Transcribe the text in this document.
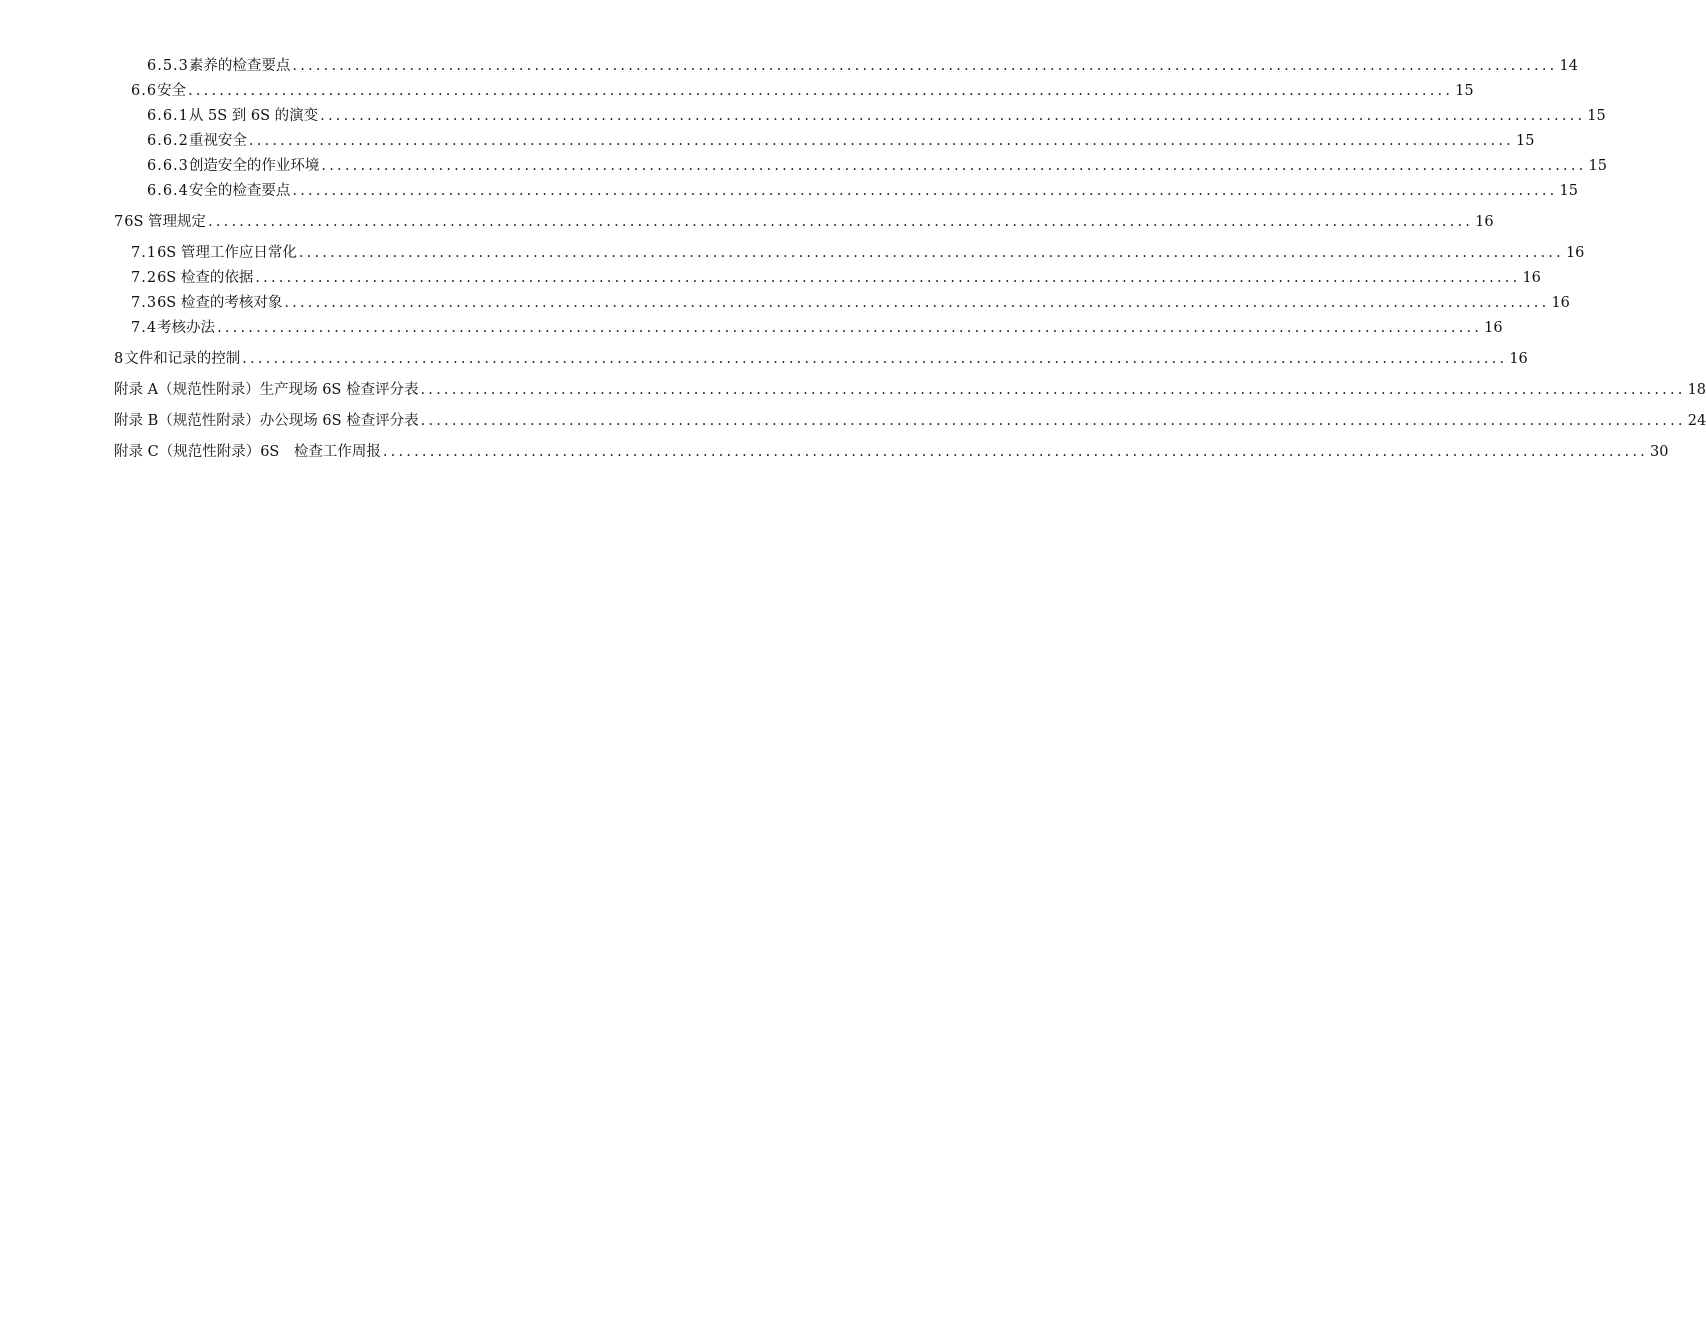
6.5.3 素养的检查要点 .................................................................................................................................................................. 14
6.6 安全 .................................................................................................................................................................. 15
6.6.1 从 5S 到 6S 的演变 .................................................................................................................................................................. 15
6.6.2 重视安全 .................................................................................................................................................................. 15
6.6.3 创造安全的作业环境 .................................................................................................................................................................. 15
6.6.4 安全的检查要点 .................................................................................................................................................................. 15
7 6S 管理规定 .................................................................................................................................................................. 16
7.1 6S 管理工作应日常化 .................................................................................................................................................................. 16
7.2 6S 检查的依据 .................................................................................................................................................................. 16
7.3 6S 检查的考核对象 .................................................................................................................................................................. 16
7.4 考核办法 .................................................................................................................................................................. 16
8 文件和记录的控制 .................................................................................................................................................................. 16
附录 A（规范性附录） 生产现场 6S 检查评分表 .................................................................................................................................................................. 18
附录 B（规范性附录） 办公现场 6S 检查评分表 .................................................................................................................................................................. 24
附录 C（规范性附录） 6S　检查工作周报 .................................................................................................................................................................. 30
